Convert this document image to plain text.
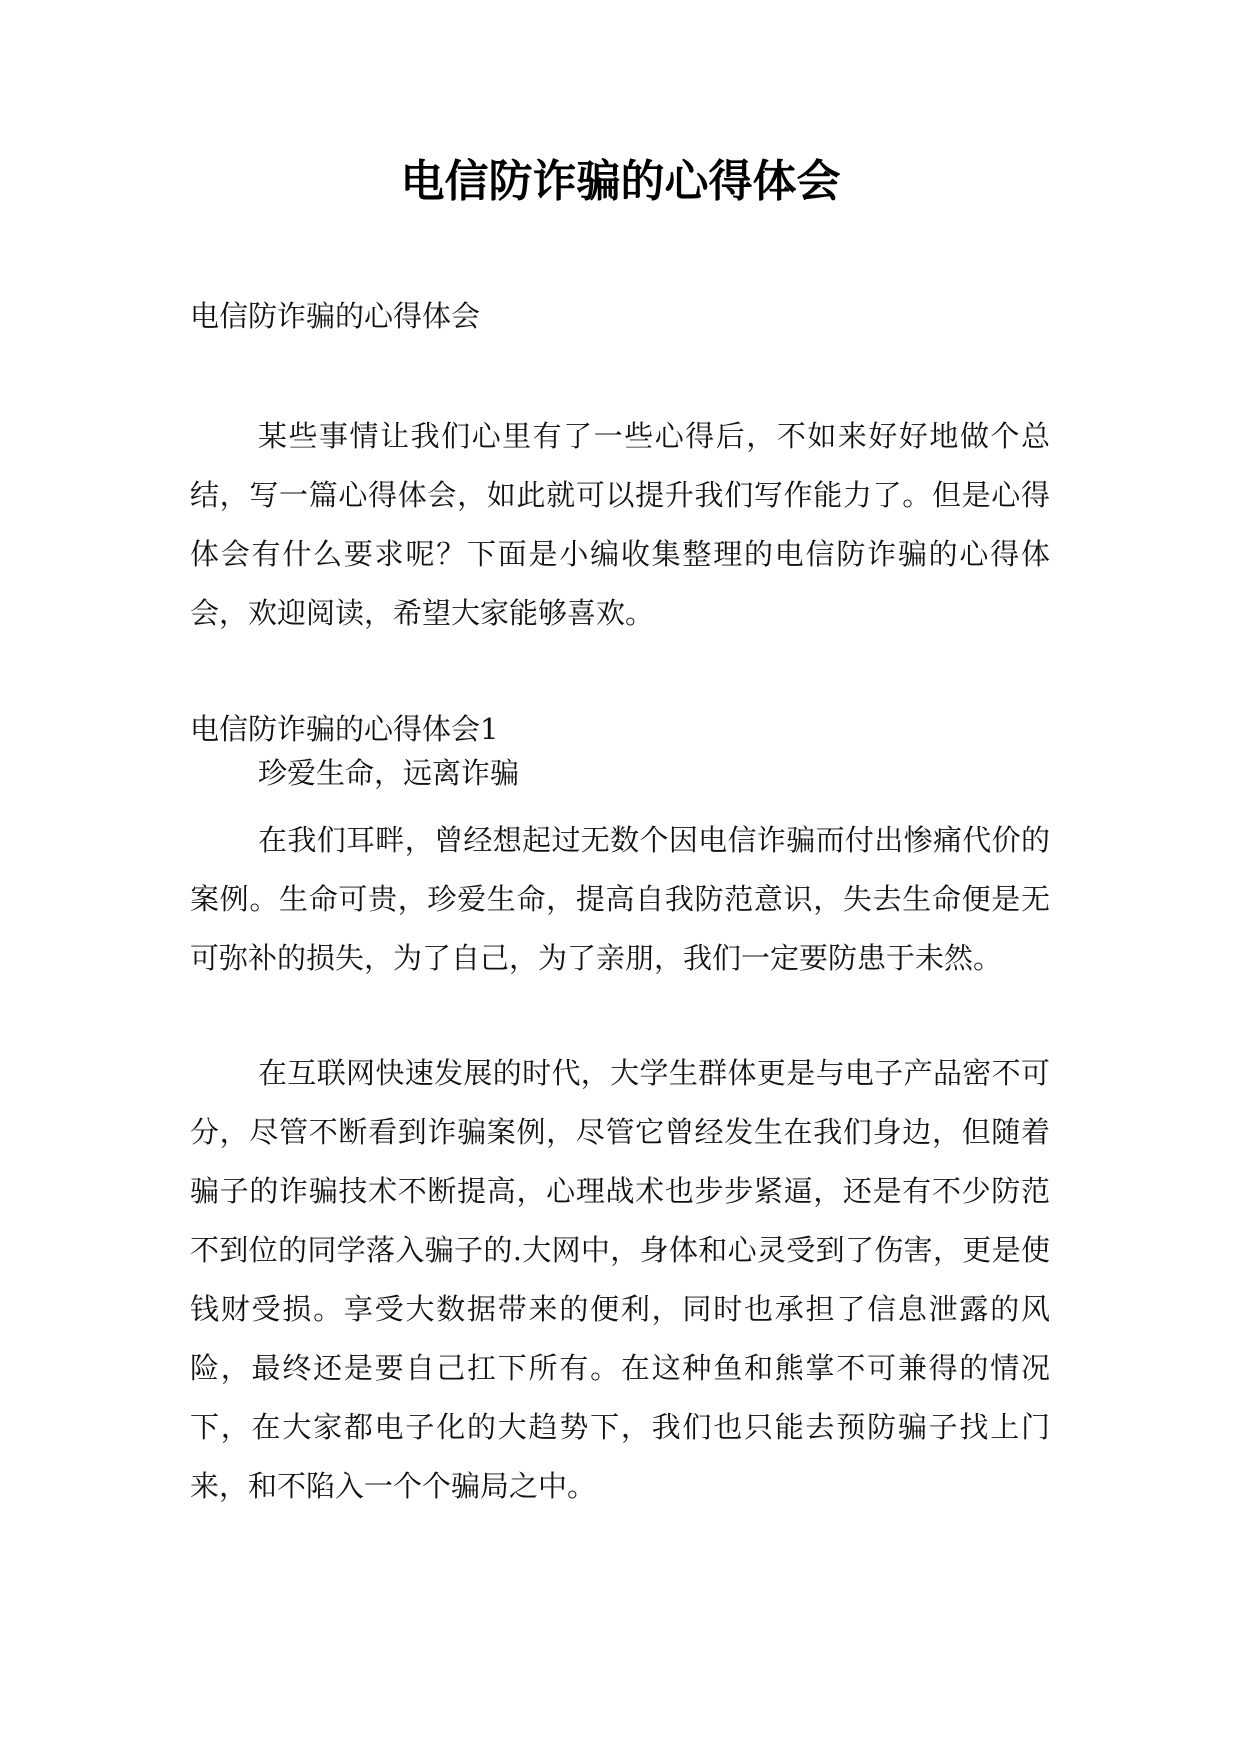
电信防诈骗的心得体会

电信防诈骗的心得体会

某些事情让我们心里有了一些心得后，不如来好好地做个总结，写一篇心得体会，如此就可以提升我们写作能力了。但是心得体会有什么要求呢？下面是小编收集整理的电信防诈骗的心得体会，欢迎阅读，希望大家能够喜欢。

电信防诈骗的心得体会1

珍爱生命，远离诈骗

在我们耳畔，曾经想起过无数个因电信诈骗而付出惨痛代价的案例。生命可贵，珍爱生命，提高自我防范意识，失去生命便是无可弥补的损失，为了自己，为了亲朋，我们一定要防患于未然。

在互联网快速发展的时代，大学生群体更是与电子产品密不可分，尽管不断看到诈骗案例，尽管它曾经发生在我们身边，但随着骗子的诈骗技术不断提高，心理战术也步步紧逼，还是有不少防范不到位的同学落入骗子的.大网中，身体和心灵受到了伤害，更是使钱财受损。享受大数据带来的便利，同时也承担了信息泄露的风险，最终还是要自己扛下所有。在这种鱼和熊掌不可兼得的情况下，在大家都电子化的大趋势下，我们也只能去预防骗子找上门来，和不陷入一个个骗局之中。
